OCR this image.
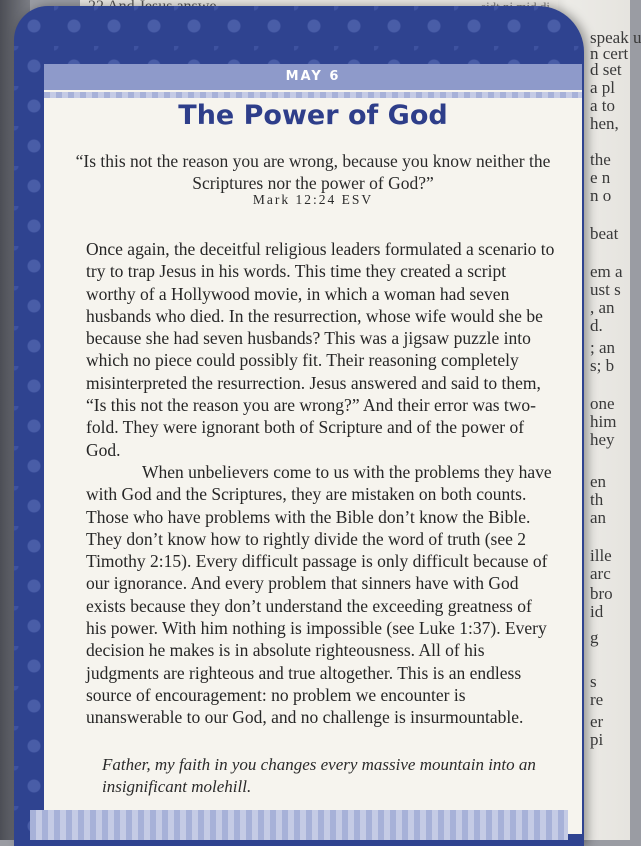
speak u
n cert
d set
a pl
a to
hen,
the
e n
n o
beat
em a
ust s
, an
d.
; an
s; b
one
him
hey
en
th
an
ille
arc
bro
id
g
s
re
er
pi
MAY 6
The Power of God
“Is this not the reason you are wrong, because you know neither the Scriptures nor the power of God?”
Mark 12:24 ESV

Once again, the deceitful religious leaders formulated a scenario to try to trap Jesus in his words. This time they created a script worthy of a Hollywood movie, in which a woman had seven husbands who died. In the resurrection, whose wife would she be because she had seven husbands? This was a jigsaw puzzle into which no piece could possibly fit. Their reasoning completely misinterpreted the resurrection. Jesus answered and said to them, “Is this not the reason you are wrong?” And their error was two-fold. They were ignorant both of Scripture and of the power of God.

When unbelievers come to us with the problems they have with God and the Scriptures, they are mistaken on both counts. Those who have problems with the Bible don’t know the Bible. They don’t know how to rightly divide the word of truth (see 2 Timothy 2:15). Every difficult passage is only difficult because of our ignorance. And every problem that sinners have with God exists because they don’t understand the exceeding greatness of his power. With him nothing is impossible (see Luke 1:37). Every decision he makes is in absolute righteousness. All of his judgments are righteous and true altogether. This is an endless source of encouragement: no problem we encounter is unanswerable to our God, and no challenge is insurmountable.

Father, my faith in you changes every massive mountain into an insignificant molehill.
